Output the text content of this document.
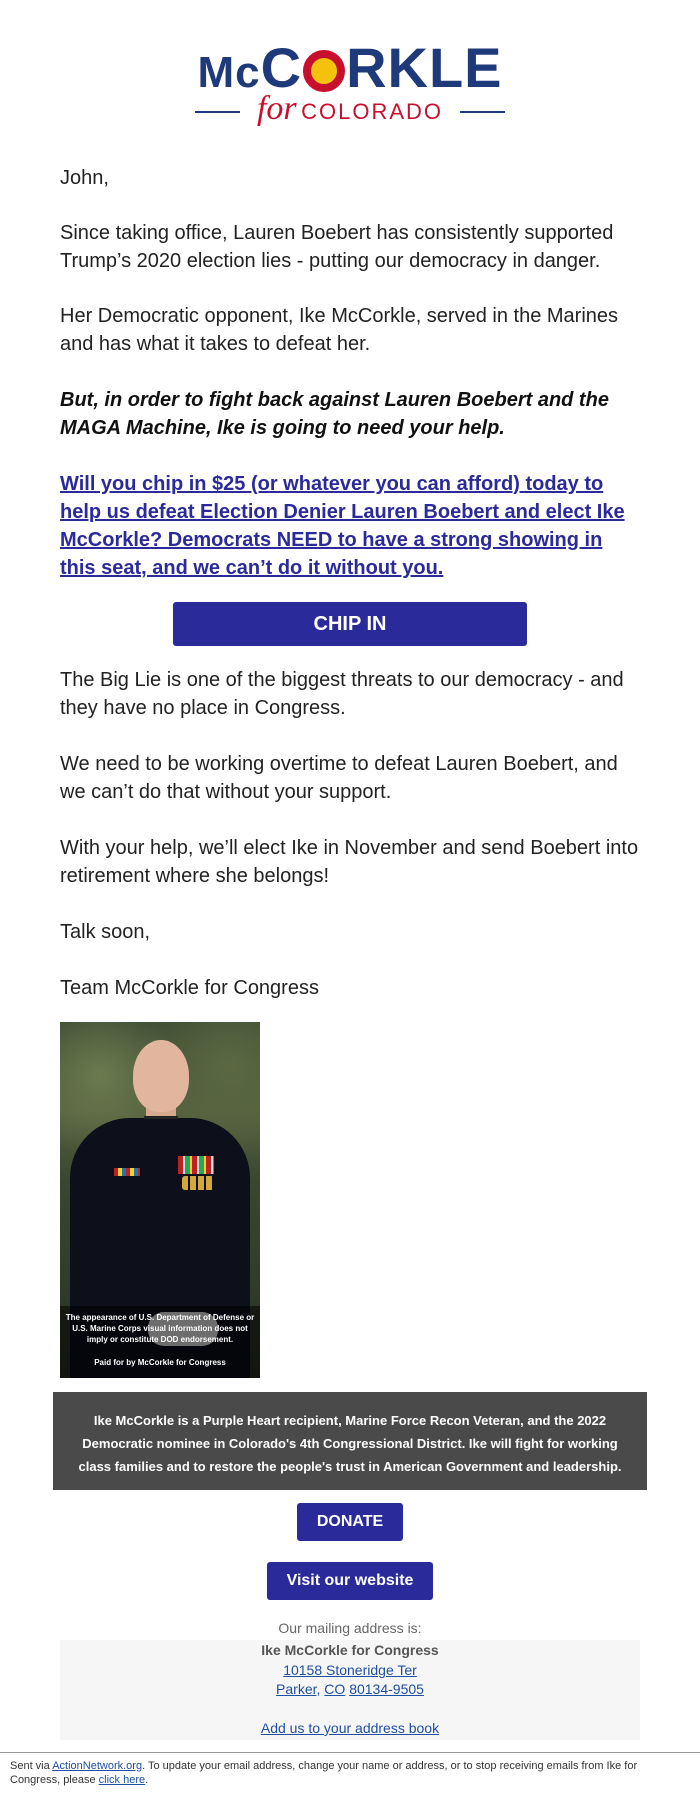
McC RKLE
for COLORADO

John,

Since taking office, Lauren Boebert has consistently supported Trump’s 2020 election lies - putting our democracy in danger.

Her Democratic opponent, Ike McCorkle, served in the Marines and has what it takes to defeat her.

But, in order to fight back against Lauren Boebert and the MAGA Machine, Ike is going to need your help.

Will you chip in $25 (or whatever you can afford) today to help us defeat Election Denier Lauren Boebert and elect Ike McCorkle? Democrats NEED to have a strong showing in this seat, and we can’t do it without you.

CHIP IN

The Big Lie is one of the biggest threats to our democracy - and they have no place in Congress.

We need to be working overtime to defeat Lauren Boebert, and we can’t do that without your support.

With your help, we’ll elect Ike in November and send Boebert into retirement where she belongs!

Talk soon,

Team McCorkle for Congress

The appearance of U.S. Department of Defense or U.S. Marine Corps visual information does not imply or constitute DOD endorsement.
Paid for by McCorkle for Congress
Ike McCorkle is a Purple Heart recipient, Marine Force Recon Veteran, and the 2022 Democratic nominee in Colorado's 4th Congressional District. Ike will fight for working class families and to restore the people's trust in American Government and leadership.
DONATE
Visit our website
Our mailing address is:
Ike McCorkle for Congress
10158 Stoneridge Ter
Parker, CO 80134-9505
Add us to your address book
Sent via ActionNetwork.org. To update your email address, change your name or address, or to stop receiving emails from Ike for Congress, please click here.
